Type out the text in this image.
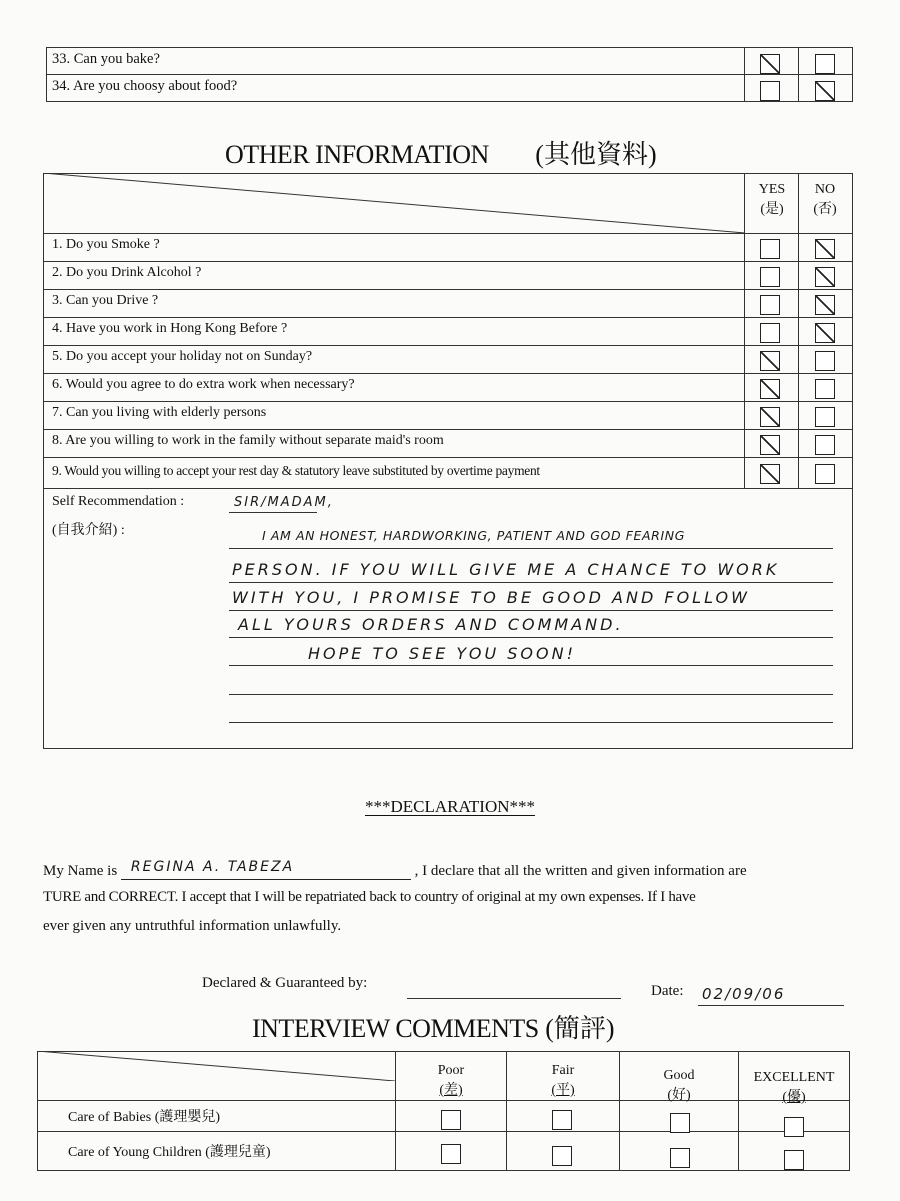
33. Can you bake?
34. Are you choosy about food?
OTHER INFORMATION (其他資料)
YES
(是)
NO
(否)
1. Do you Smoke ?
2. Do you Drink Alcohol ?
3. Can you Drive ?
4. Have you work in Hong Kong Before ?
5. Do you accept your holiday not on Sunday?
6. Would you agree to do extra work when necessary?
7. Can you living with elderly persons
8. Are you willing to work in the family without separate maid's room
9. Would you willing to accept your rest day & statutory leave substituted by overtime payment
Self Recommendation :
(自我介紹) :
SIR/MADAM,
I AM AN HONEST, HARDWORKING, PATIENT AND GOD FEARING
PERSON. IF YOU WILL GIVE ME A CHANCE TO WORK
WITH YOU, I PROMISE TO BE GOOD AND FOLLOW
ALL YOURS ORDERS AND COMMAND.
HOPE TO SEE YOU SOON!
***DECLARATION***
My Name is REGINA A. TABEZA	, I declare that all the written and given information are
TURE and CORRECT. I accept that I will be repatriated back to country of original at my own expenses. If I have
ever given any untruthful information unlawfully.
Declared & Guaranteed by:	Date: 02/09/06
INTERVIEW COMMENTS (簡評)
Poor
(差)
Fair
(平)
Good
(好)
EXCELLENT
(優)
Care of Babies (護理嬰兒)
Care of Young Children (護理兒童)
